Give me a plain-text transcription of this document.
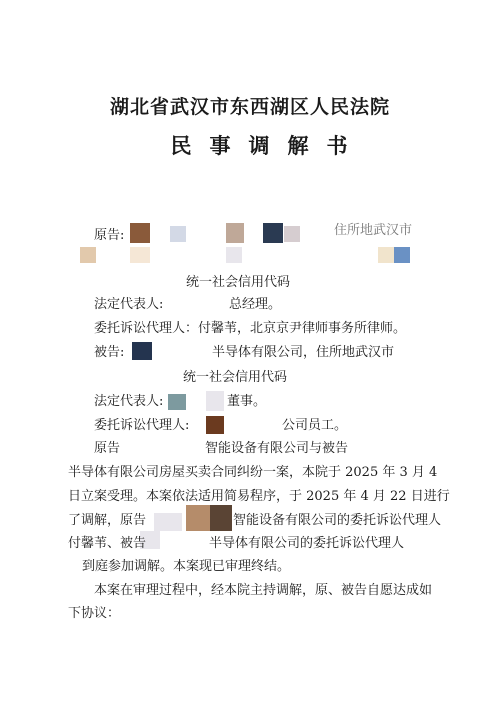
湖北省武汉市东西湖区人民法院
民事调解书
原告:	住所地武汉市
统一社会信用代码
法定代表人:	总经理。
委托诉讼代理人：付馨苇，北京京尹律师事务所律师。
被告:	半导体有限公司，住所地武汉市
统一社会信用代码
法定代表人:	董事。
委托诉讼代理人:	公司员工。
原告	智能设备有限公司与被告
半导体有限公司房屋买卖合同纠纷一案，本院于 2025 年 3 月 4
日立案受理。本案依法适用简易程序，于 2025 年 4 月 22 日进行
了调解，原告	智能设备有限公司的委托诉讼代理人
付馨苇、被告	半导体有限公司的委托诉讼代理人
到庭参加调解。本案现已审理终结。
本案在审理过程中，经本院主持调解，原、被告自愿达成如
下协议：
